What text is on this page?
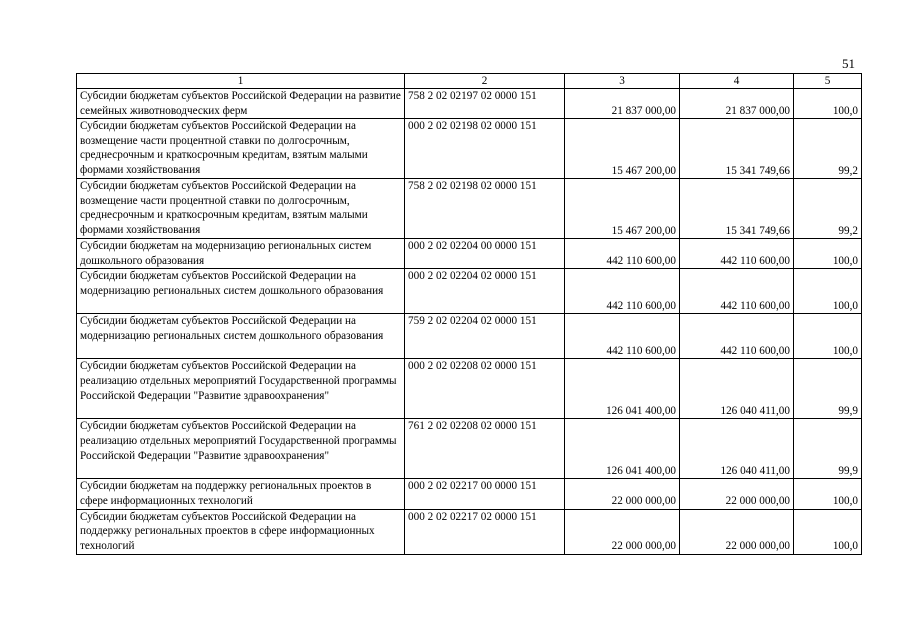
51
1	2	3	4	5
Субсидии бюджетам субъектов Российской Федерации на развитие семейных животноводческих ферм	758 2 02 02197 02 0000 151	21 837 000,00	21 837 000,00	100,0
Субсидии бюджетам субъектов Российской Федерации на возмещение части процентной ставки по долгосрочным, среднесрочным и краткосрочным кредитам, взятым малыми формами хозяйствования	000 2 02 02198 02 0000 151	15 467 200,00	15 341 749,66	99,2
Субсидии бюджетам субъектов Российской Федерации на возмещение части процентной ставки по долгосрочным, среднесрочным и краткосрочным кредитам, взятым малыми формами хозяйствования	758 2 02 02198 02 0000 151	15 467 200,00	15 341 749,66	99,2
Субсидии бюджетам на модернизацию региональных систем дошкольного образования	000 2 02 02204 00 0000 151	442 110 600,00	442 110 600,00	100,0
Субсидии бюджетам субъектов Российской Федерации на модернизацию региональных систем дошкольного образования	000 2 02 02204 02 0000 151	442 110 600,00	442 110 600,00	100,0
Субсидии бюджетам субъектов Российской Федерации на модернизацию региональных систем дошкольного образования	759 2 02 02204 02 0000 151	442 110 600,00	442 110 600,00	100,0
Субсидии бюджетам субъектов Российской Федерации на реализацию отдельных мероприятий Государственной программы Российской Федерации "Развитие здравоохранения"	000 2 02 02208 02 0000 151	126 041 400,00	126 040 411,00	99,9
Субсидии бюджетам субъектов Российской Федерации на реализацию отдельных мероприятий Государственной программы Российской Федерации "Развитие здравоохранения"	761 2 02 02208 02 0000 151	126 041 400,00	126 040 411,00	99,9
Субсидии бюджетам на поддержку региональных проектов в сфере информационных технологий	000 2 02 02217 00 0000 151	22 000 000,00	22 000 000,00	100,0
Субсидии бюджетам субъектов Российской Федерации на поддержку региональных проектов в сфере информационных технологий	000 2 02 02217 02 0000 151	22 000 000,00	22 000 000,00	100,0
